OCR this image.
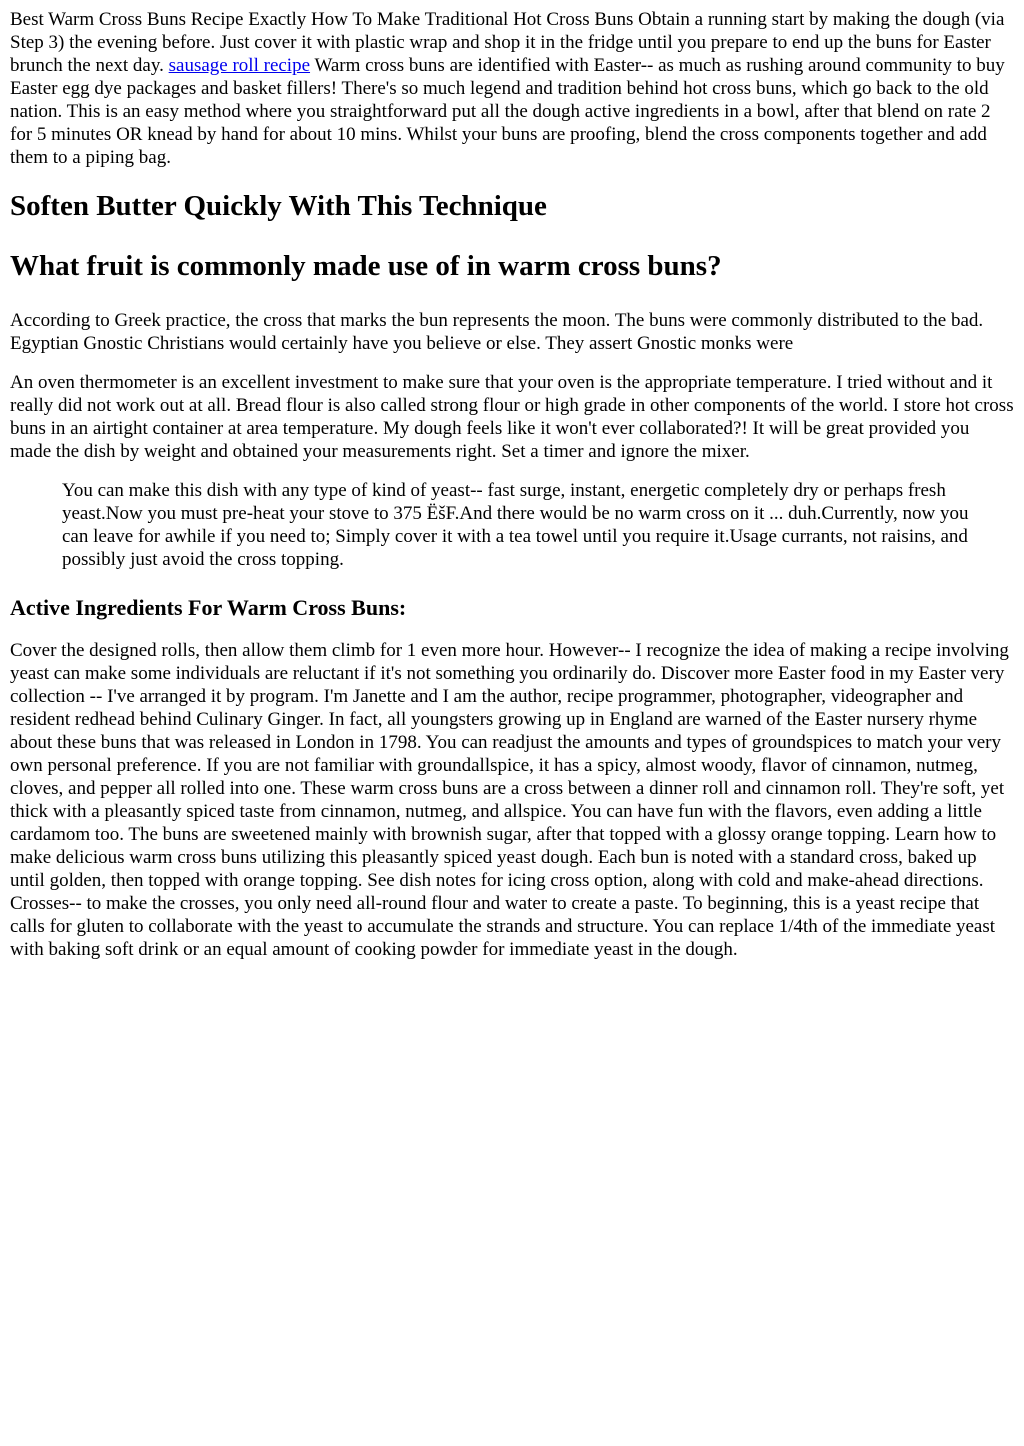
Best Warm Cross Buns Recipe Exactly How To Make Traditional Hot Cross Buns Obtain a running start by making the dough (via Step 3) the evening before. Just cover it with plastic wrap and shop it in the fridge until you prepare to end up the buns for Easter brunch the next day. sausage roll recipe Warm cross buns are identified with Easter-- as much as rushing around community to buy Easter egg dye packages and basket fillers! There's so much legend and tradition behind hot cross buns, which go back to the old nation. This is an easy method where you straightforward put all the dough active ingredients in a bowl, after that blend on rate 2 for 5 minutes OR knead by hand for about 10 mins. Whilst your buns are proofing, blend the cross components together and add them to a piping bag.

Soften Butter Quickly With This Technique
What fruit is commonly made use of in warm cross buns?

According to Greek practice, the cross that marks the bun represents the moon. The buns were commonly distributed to the bad. Egyptian Gnostic Christians would certainly have you believe or else. They assert Gnostic monks were

An oven thermometer is an excellent investment to make sure that your oven is the appropriate temperature. I tried without and it really did not work out at all. Bread flour is also called strong flour or high grade in other components of the world. I store hot cross buns in an airtight container at area temperature. My dough feels like it won't ever collaborated?! It will be great provided you made the dish by weight and obtained your measurements right. Set a timer and ignore the mixer.

You can make this dish with any type of kind of yeast-- fast surge, instant, energetic completely dry or perhaps fresh yeast.Now you must pre-heat your stove to 375 ËšF.And there would be no warm cross on it ... duh.Currently, now you can leave for awhile if you need to; Simply cover it with a tea towel until you require it.Usage currants, not raisins, and possibly just avoid the cross topping.
Active Ingredients For Warm Cross Buns:

Cover the designed rolls, then allow them climb for 1 even more hour. However-- I recognize the idea of making a recipe involving yeast can make some individuals are reluctant if it's not something you ordinarily do. Discover more Easter food in my Easter very collection -- I've arranged it by program. I'm Janette and I am the author, recipe programmer, photographer, videographer and resident redhead behind Culinary Ginger. In fact, all youngsters growing up in England are warned of the Easter nursery rhyme about these buns that was released in London in 1798. You can readjust the amounts and types of groundspices to match your very own personal preference. If you are not familiar with groundallspice, it has a spicy, almost woody, flavor of cinnamon, nutmeg, cloves, and pepper all rolled into one. These warm cross buns are a cross between a dinner roll and cinnamon roll. They're soft, yet thick with a pleasantly spiced taste from cinnamon, nutmeg, and allspice. You can have fun with the flavors, even adding a little cardamom too. The buns are sweetened mainly with brownish sugar, after that topped with a glossy orange topping. Learn how to make delicious warm cross buns utilizing this pleasantly spiced yeast dough. Each bun is noted with a standard cross, baked up until golden, then topped with orange topping. See dish notes for icing cross option, along with cold and make-ahead directions. Crosses-- to make the crosses, you only need all-round flour and water to create a paste. To beginning, this is a yeast recipe that calls for gluten to collaborate with the yeast to accumulate the strands and structure. You can replace 1/4th of the immediate yeast with baking soft drink or an equal amount of cooking powder for immediate yeast in the dough.
